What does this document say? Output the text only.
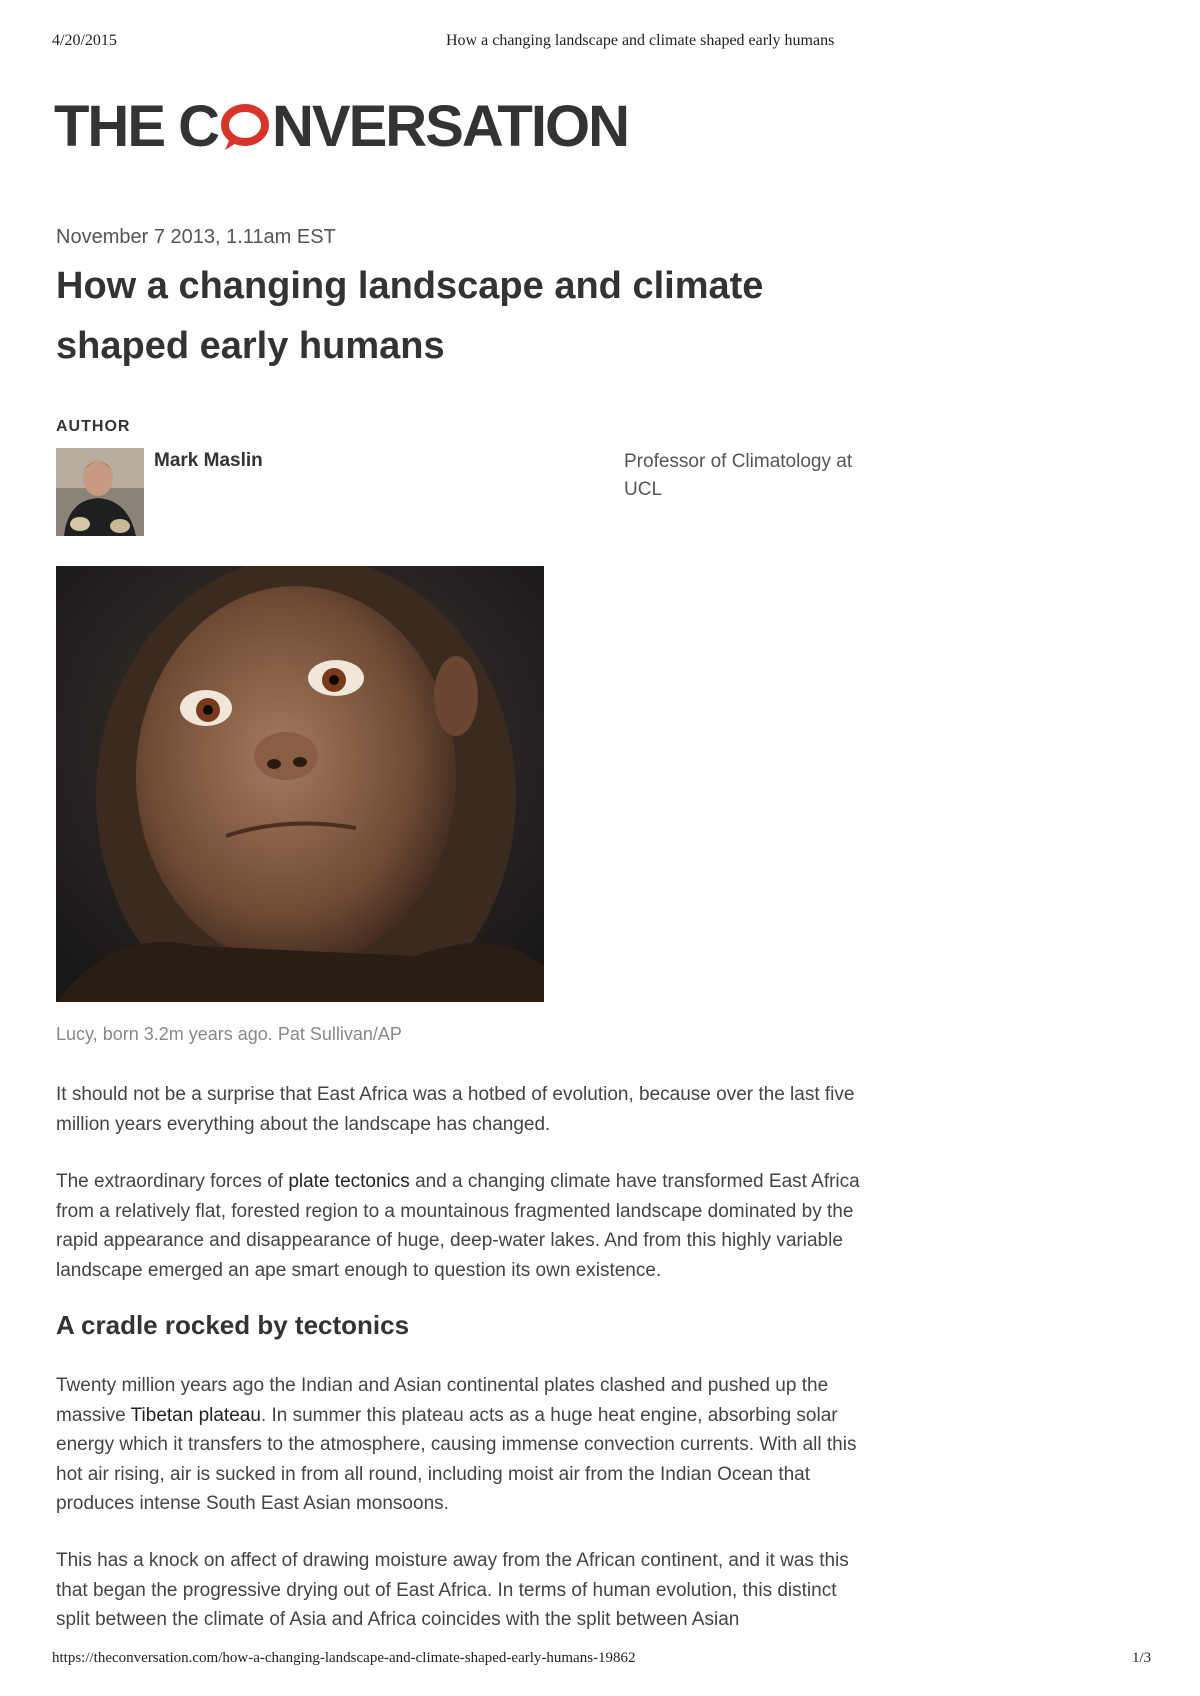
4/20/2015	How a changing landscape and climate shaped early humans
THE C NVERSATION
November 7 2013, 1.11am EST
How a changing landscape and climate shaped early humans
AUTHOR
Mark Maslin	Professor of Climatology at UCL
Lucy, born 3.2m years ago. Pat Sullivan/AP

It should not be a surprise that East Africa was a hotbed of evolution, because over the last five million years everything about the landscape has changed.

The extraordinary forces of plate tectonics and a changing climate have transformed East Africa from a relatively flat, forested region to a mountainous fragmented landscape dominated by the rapid appearance and disappearance of huge, deep-water lakes. And from this highly variable landscape emerged an ape smart enough to question its own existence.

A cradle rocked by tectonics

Twenty million years ago the Indian and Asian continental plates clashed and pushed up the massive Tibetan plateau. In summer this plateau acts as a huge heat engine, absorbing solar energy which it transfers to the atmosphere, causing immense convection currents. With all this hot air rising, air is sucked in from all round, including moist air from the Indian Ocean that produces intense South East Asian monsoons.

This has a knock on affect of drawing moisture away from the African continent, and it was this that began the progressive drying out of East Africa. In terms of human evolution, this distinct split between the climate of Asia and Africa coincides with the split between Asian

https://theconversation.com/how-a-changing-landscape-and-climate-shaped-early-humans-19862	1/3
